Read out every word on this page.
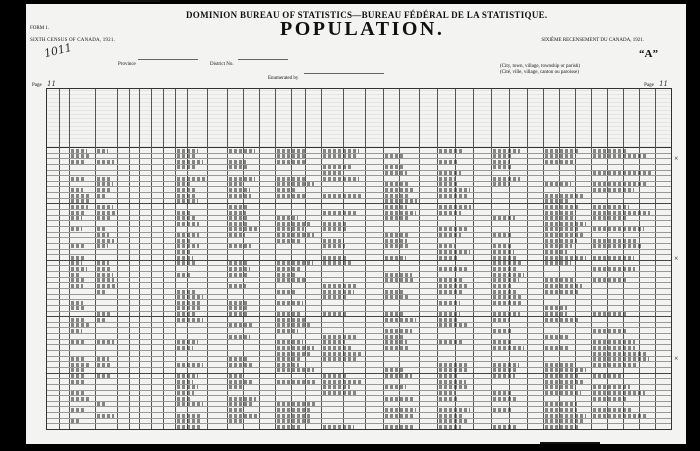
FORM 1.
SIXTH CENSUS OF CANADA, 1921.
DOMINION BUREAU OF STATISTICS—BUREAU FÉDÉRAL DE LA STATISTIQUE.
SIXIÈME RECENSEMENT DU CANADA, 1921.
POPULATION.
“A”
1011
Province	District No.
Enumerated by
(City, town, village, township or parish)
(Cité, ville, village, canton ou paroisse)
Page 11	Page 11
×
×
×
